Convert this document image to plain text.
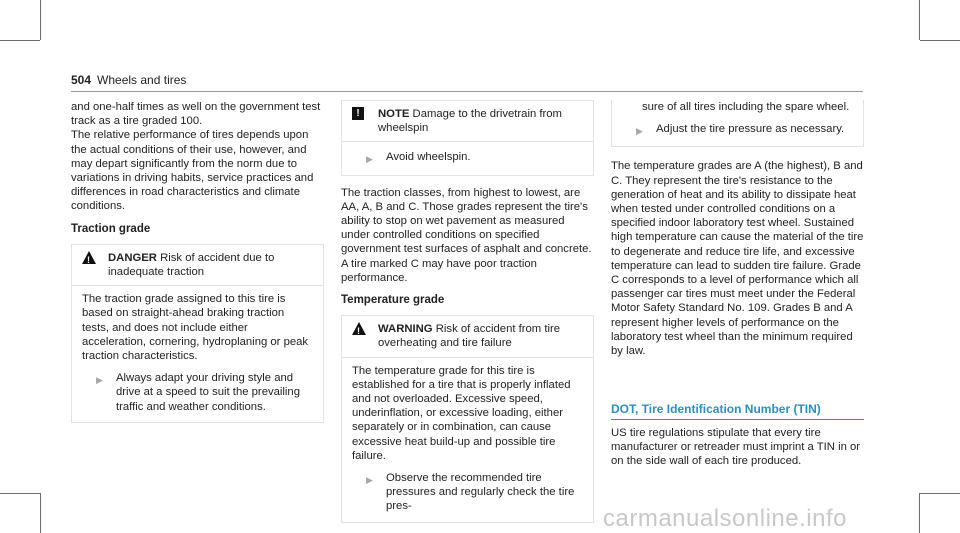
504 Wheels and tires

and one-half times as well on the government test track as a tire graded 100.

The relative performance of tires depends upon the actual conditions of their use, however, and may depart significantly from the norm due to variations in driving habits, service practices and differences in road characteristics and climate conditions.

Traction grade

! DANGER Risk of accident due to inadequate traction

The traction grade assigned to this tire is based on straight-ahead braking traction tests, and does not include either acceleration, cornering, hydroplaning or peak traction characteristics.

▶	Always adapt your driving style and drive at a speed to suit the prevailing traffic and weather conditions.
!	NOTE Damage to the drivetrain from wheelspin
▶	Avoid wheelspin.

The traction classes, from highest to lowest, are AA, A, B and C. Those grades represent the tire's ability to stop on wet pavement as measured under controlled conditions on specified government test surfaces of asphalt and concrete. A tire marked C may have poor traction performance.

Temperature grade

! WARNING Risk of accident from tire overheating and tire failure

The temperature grade for this tire is established for a tire that is properly inflated and not overloaded. Excessive speed, underinflation, or excessive loading, either separately or in combination, can cause excessive heat build-up and possible tire failure.

▶	Observe the recommended tire pressures and regularly check the tire pres-

sure of all tires including the spare wheel.

▶	Adjust the tire pressure as necessary.

The temperature grades are A (the highest), B and C. They represent the tire's resistance to the generation of heat and its ability to dissipate heat when tested under controlled conditions on a specified indoor laboratory test wheel. Sustained high temperature can cause the material of the tire to degenerate and reduce tire life, and excessive temperature can lead to sudden tire failure. Grade C corresponds to a level of performance which all passenger car tires must meet under the Federal Motor Safety Standard No. 109. Grades B and A represent higher levels of performance on the laboratory test wheel than the minimum required by law.

DOT, Tire Identification Number (TIN)

US tire regulations stipulate that every tire manufacturer or retreader must imprint a TIN in or on the side wall of each tire produced.

carmanualsonline.info
